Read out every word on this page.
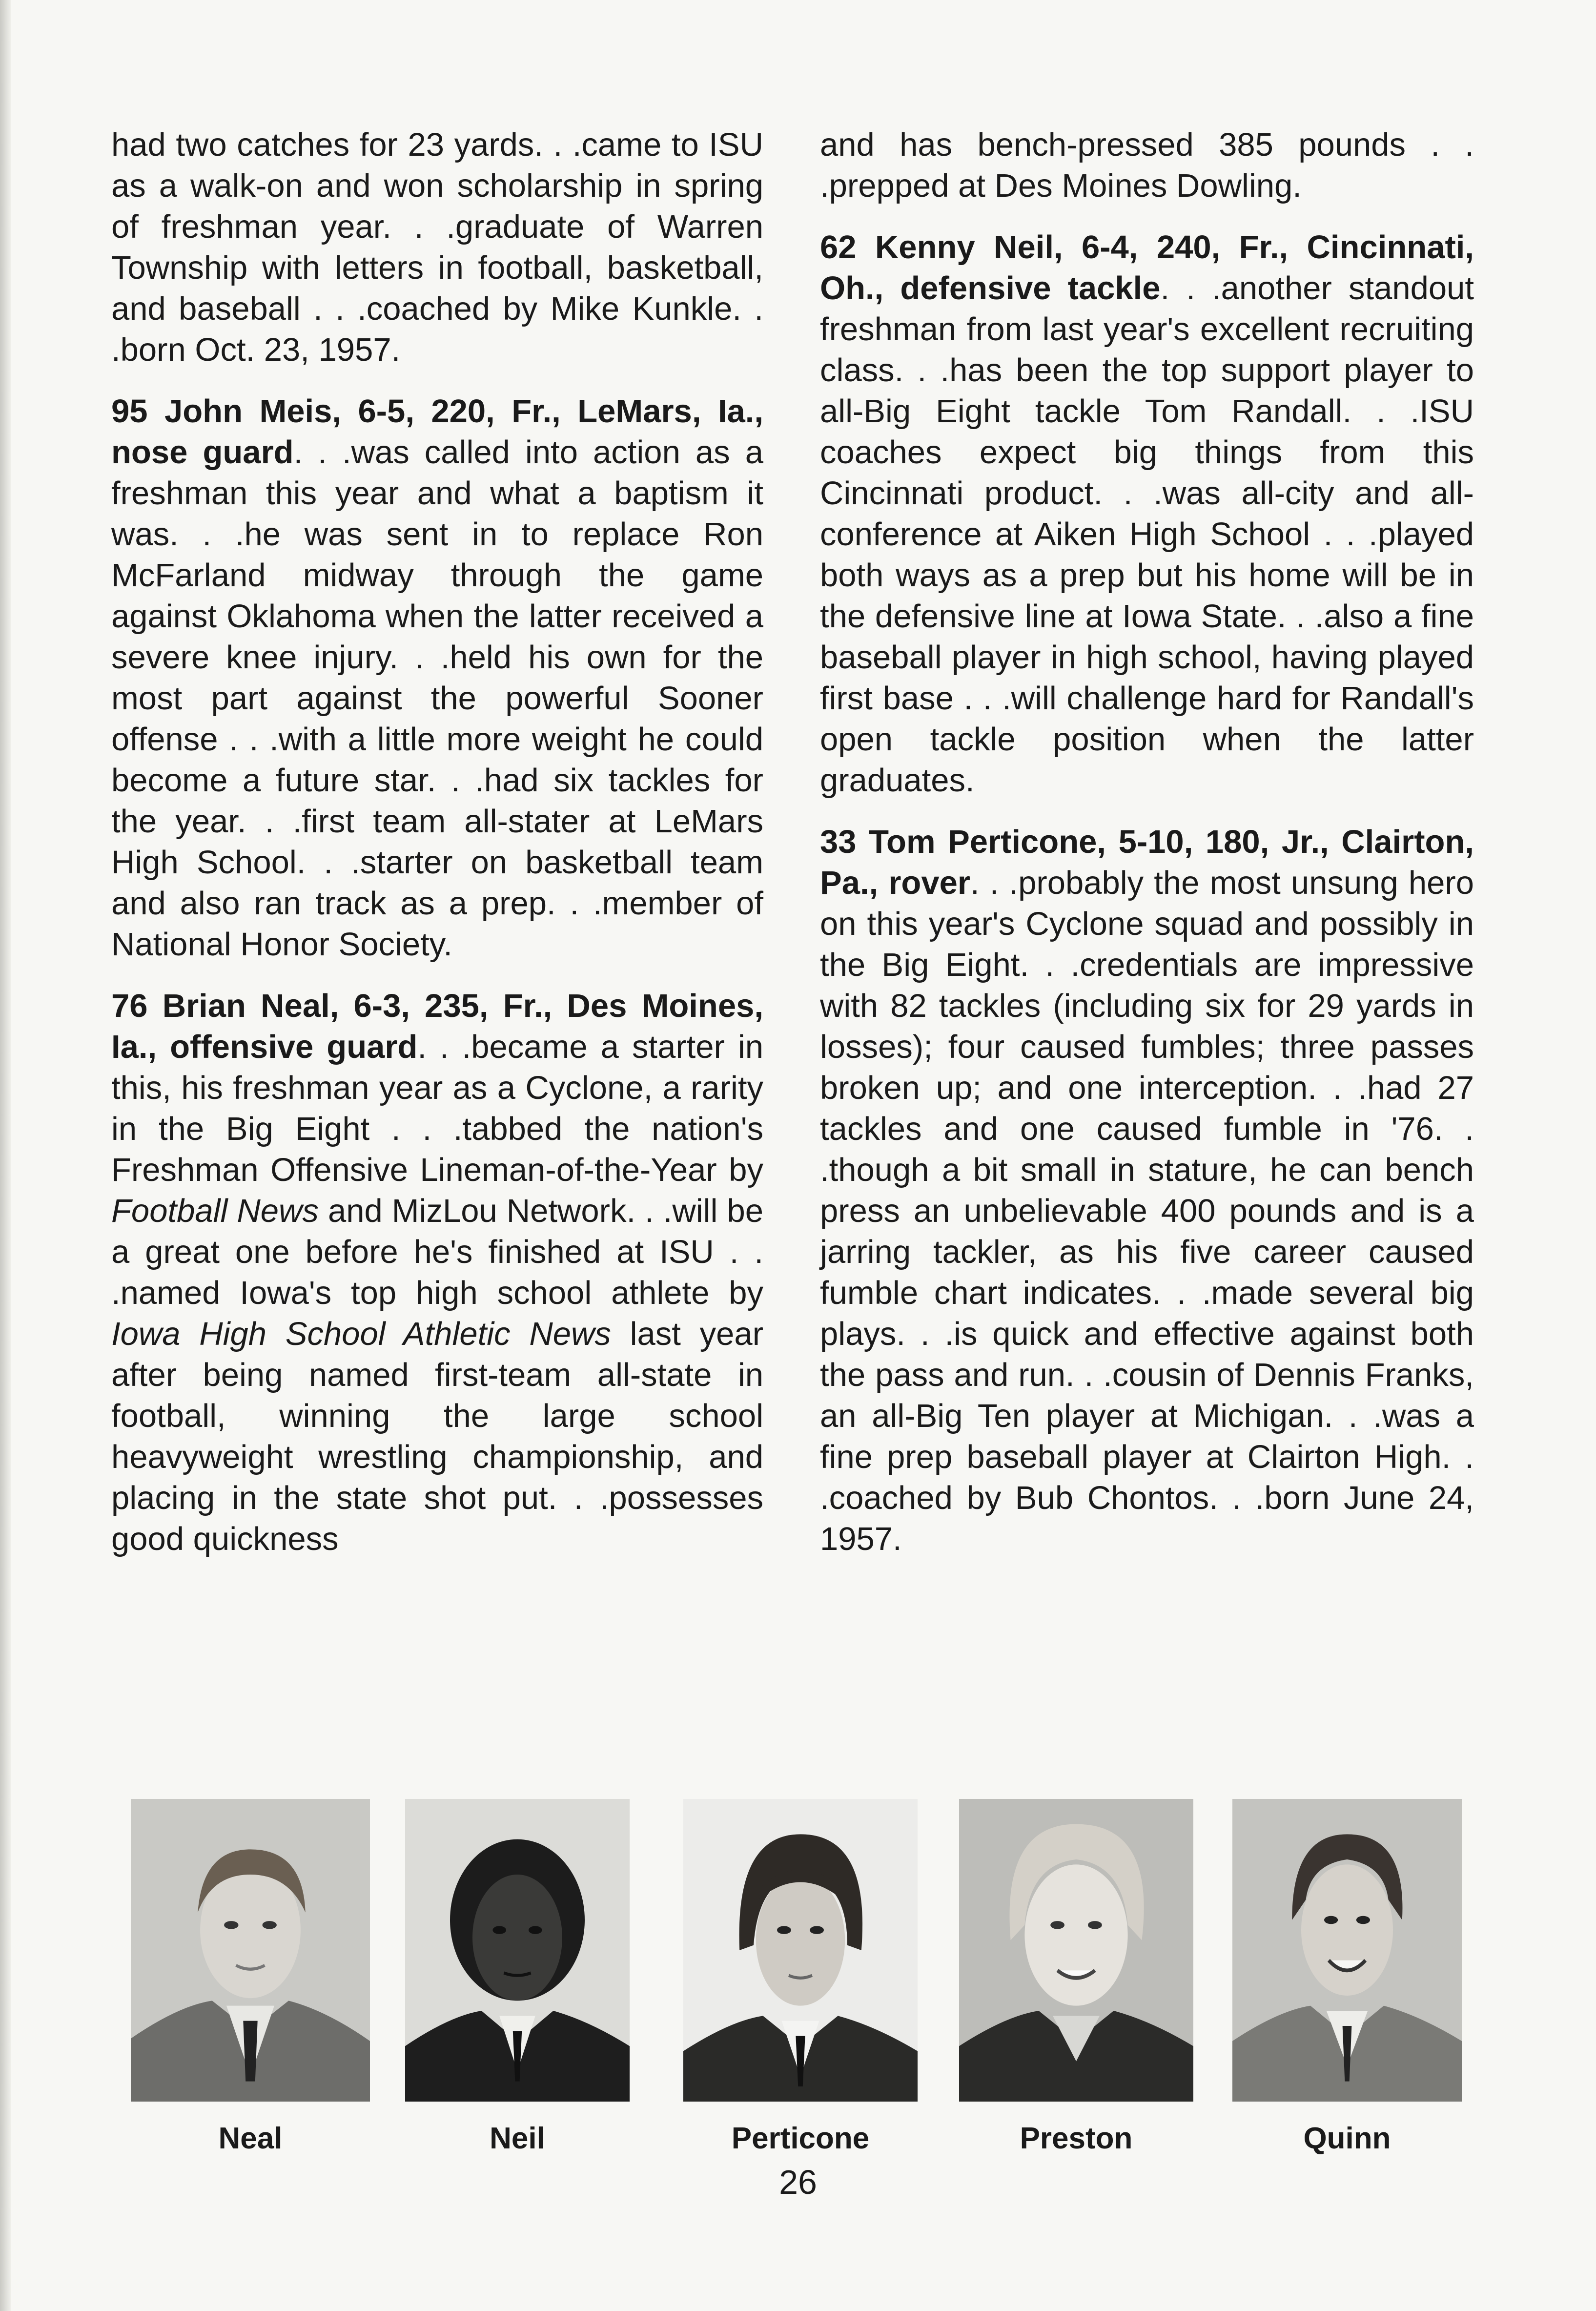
had two catches for 23 yards. . .came to ISU as a walk-on and won scholarship in spring of freshman year. . .graduate of Warren Township with letters in football, basketball, and baseball . . .coached by Mike Kunkle. . .born Oct. 23, 1957.

95 John Meis, 6-5, 220, Fr., LeMars, Ia., nose guard. . .was called into action as a freshman this year and what a baptism it was. . .he was sent in to replace Ron McFarland midway through the game against Oklahoma when the latter received a severe knee injury. . .held his own for the most part against the powerful Sooner offense . . .with a little more weight he could become a future star. . .had six tackles for the year. . .first team all-stater at LeMars High School. . .starter on basketball team and also ran track as a prep. . .member of National Honor Society.

76 Brian Neal, 6-3, 235, Fr., Des Moines, Ia., offensive guard. . .became a starter in this, his freshman year as a Cyclone, a rarity in the Big Eight . . .tabbed the nation's Freshman Offensive Lineman-of-the-Year by Football News and MizLou Network. . .will be a great one before he's finished at ISU . . .named Iowa's top high school athlete by Iowa High School Athletic News last year after being named first-team all-state in football, winning the large school heavyweight wrestling championship, and placing in the state shot put. . .possesses good quickness

and has bench-pressed 385 pounds . . .prepped at Des Moines Dowling.

62 Kenny Neil, 6-4, 240, Fr., Cincinnati, Oh., defensive tackle. . .another standout freshman from last year's excellent recruiting class. . .has been the top support player to all-Big Eight tackle Tom Randall. . .ISU coaches expect big things from this Cincinnati product. . .was all-city and all-conference at Aiken High School . . .played both ways as a prep but his home will be in the defensive line at Iowa State. . .also a fine baseball player in high school, having played first base . . .will challenge hard for Randall's open tackle position when the latter graduates.

33 Tom Perticone, 5-10, 180, Jr., Clairton, Pa., rover. . .probably the most unsung hero on this year's Cyclone squad and possibly in the Big Eight. . .credentials are impressive with 82 tackles (including six for 29 yards in losses); four caused fumbles; three passes broken up; and one interception. . .had 27 tackles and one caused fumble in '76. . .though a bit small in stature, he can bench press an unbelievable 400 pounds and is a jarring tackler, as his five career caused fumble chart indicates. . .made several big plays. . .is quick and effective against both the pass and run. . .cousin of Dennis Franks, an all-Big Ten player at Michigan. . .was a fine prep baseball player at Clairton High. . .coached by Bub Chontos. . .born June 24, 1957.

Neal	Neil	Perticone	Preston	Quinn
26
